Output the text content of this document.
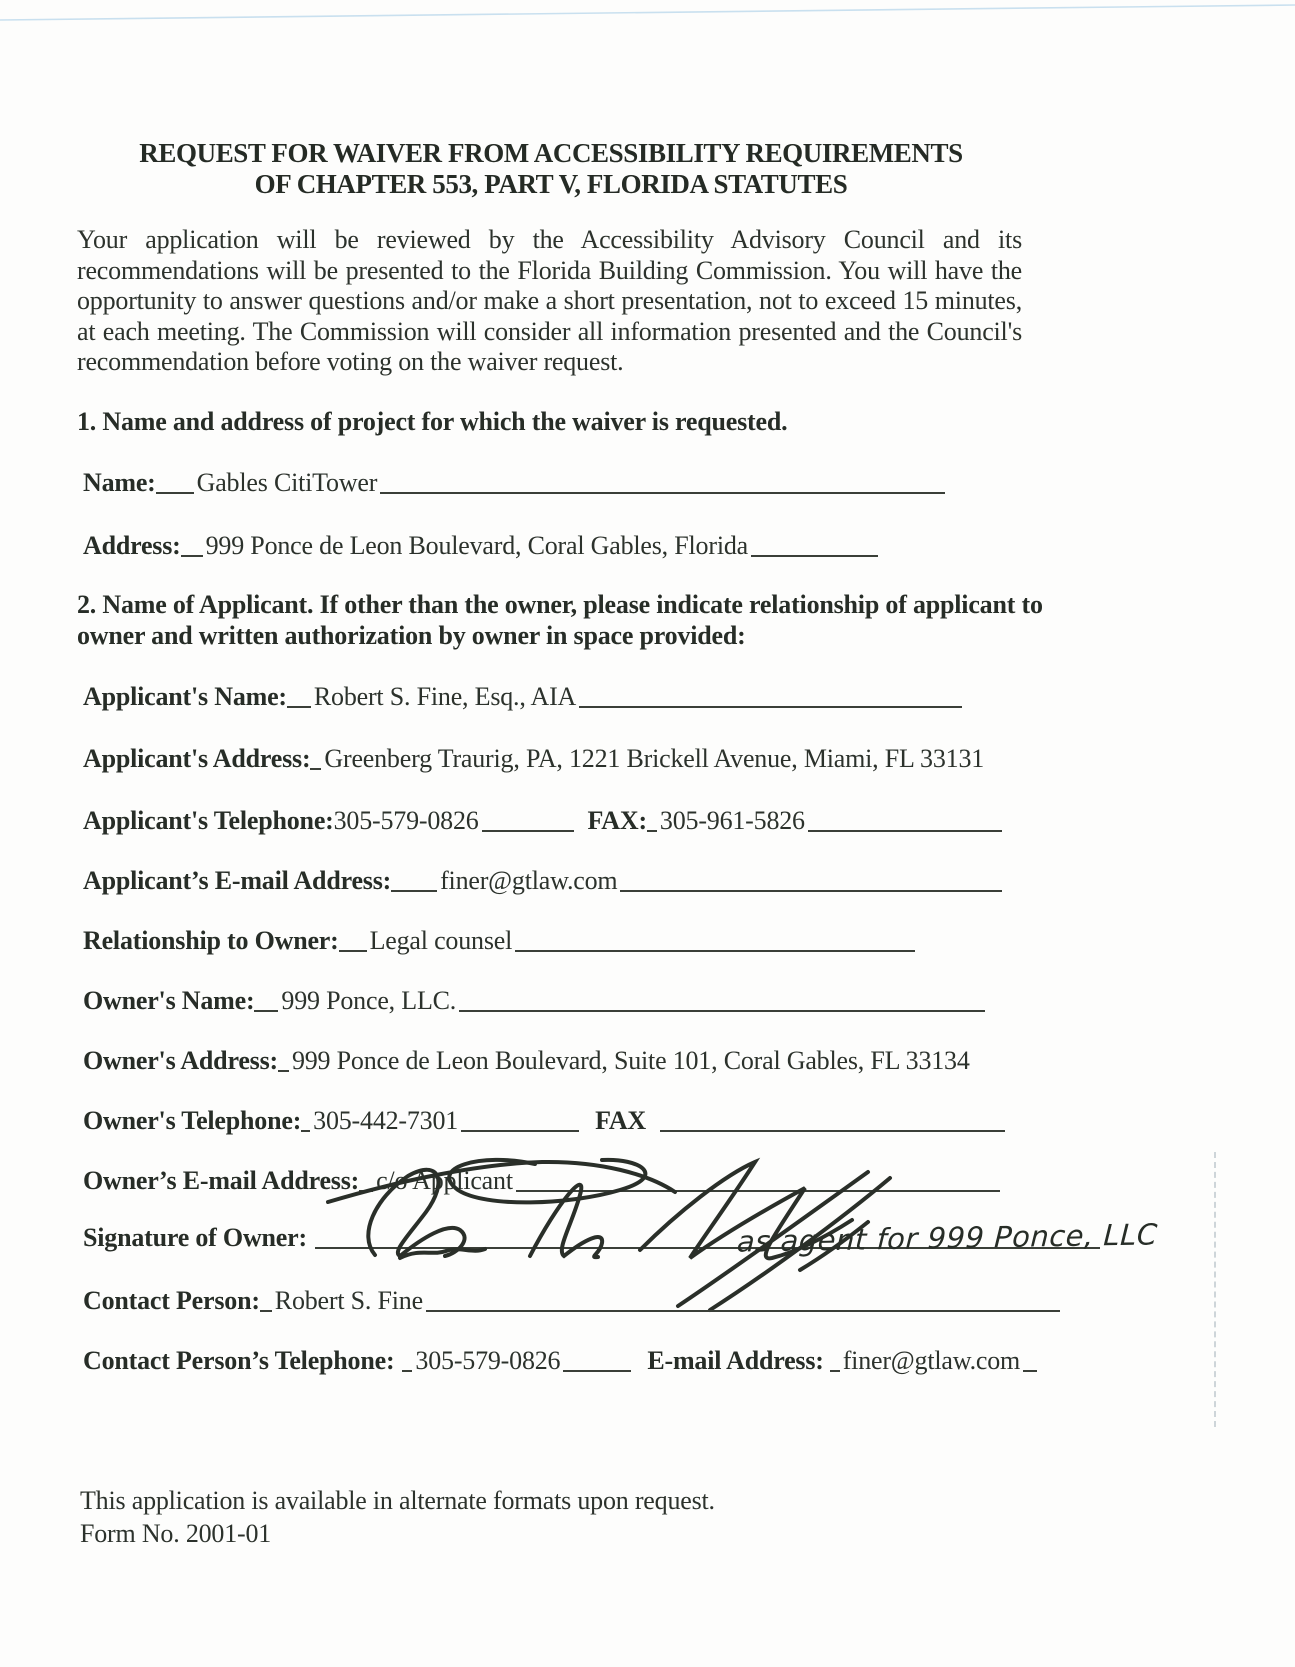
REQUEST FOR WAIVER FROM ACCESSIBILITY REQUIREMENTS
OF CHAPTER 553, PART V, FLORIDA STATUTES
Your application will be reviewed by the Accessibility Advisory Council and its recommendations will be presented to the Florida Building Commission. You will have the opportunity to answer questions and/or make a short presentation, not to exceed 15 minutes, at each meeting. The Commission will consider all information presented and the Council's recommendation before voting on the waiver request.
1. Name and address of project for which the waiver is requested.
Name: Gables CitiTower
Address: 999 Ponce de Leon Boulevard, Coral Gables, Florida
2. Name of Applicant. If other than the owner, please indicate relationship of applicant to owner and written authorization by owner in space provided:
Applicant's Name: Robert S. Fine, Esq., AIA
Applicant's Address: Greenberg Traurig, PA, 1221 Brickell Avenue, Miami, FL 33131
Applicant's Telephone: 305-579-0826	FAX: 305-961-5826
Applicant’s E-mail Address: finer@gtlaw.com
Relationship to Owner: Legal counsel
Owner's Name: 999 Ponce, LLC.
Owner's Address: 999 Ponce de Leon Boulevard, Suite 101, Coral Gables, FL 33134
Owner's Telephone: 305-442-7301	FAX
Owner’s E-mail Address: c/o Applicant
Signature of Owner:	as agent for 999 Ponce, LLC
Contact Person: Robert S. Fine
Contact Person’s Telephone: 305-579-0826	E-mail Address: finer@gtlaw.com
This application is available in alternate formats upon request.
Form No. 2001-01
